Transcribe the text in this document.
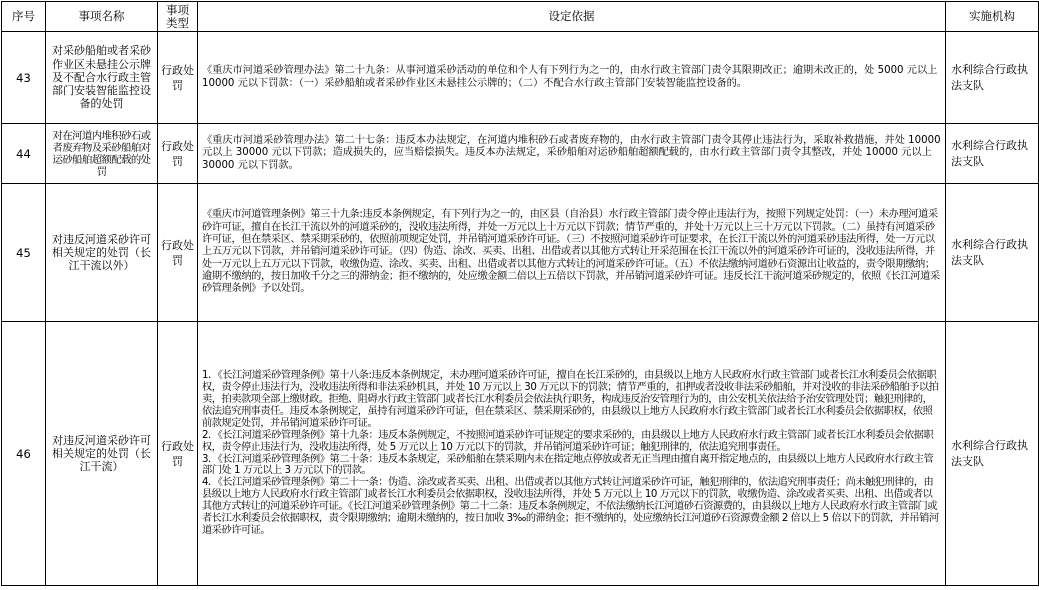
序号	事项名称	事项类型	设定依据	实施机构
43	对采砂船舶或者采砂作业区未悬挂公示牌及不配合水行政主管部门安装智能监控设备的处罚	行政处罚	《重庆市河道采砂管理办法》第二十九条：从事河道采砂活动的单位和个人有下列行为之一的，由水行政主管部门责令其限期改正；逾期未改正的，处 5000 元以上 10000 元以下罚款：（一）采砂船舶或者采砂作业区未悬挂公示牌的；（二）不配合水行政主管部门安装智能监控设备的。	水利综合行政执法支队
44	对在河道内堆积砂石或者废弃物及采砂船舶对运砂船舶超额配载的处罚	行政处罚	《重庆市河道采砂管理办法》第二十七条：违反本办法规定，在河道内堆积砂石或者废弃物的，由水行政主管部门责令其停止违法行为，采取补救措施，并处 10000 元以上 30000 元以下罚款；造成损失的，应当赔偿损失。违反本办法规定，采砂船舶对运砂船舶超额配载的，由水行政主管部门责令其整改，并处 10000 元以上 30000 元以下罚款。	水利综合行政执法支队
45	对违反河道采砂许可相关规定的处罚（长江干流以外）	行政处罚	《重庆市河道管理条例》第三十九条:违反本条例规定，有下列行为之一的，由区县（自治县）水行政主管部门责令停止违法行为，按照下列规定处罚：（一）未办理河道采砂许可证，擅自在长江干流以外的河道采砂的，没收违法所得，并处一万元以上十万元以下罚款；情节严重的，并处十万元以上三十万元以下罚款。（二）虽持有河道采砂许可证，但在禁采区、禁采期采砂的，依照前项规定处罚，并吊销河道采砂许可证。（三）不按照河道采砂许可证要求，在长江干流以外的河道采砂违法所得，处一万元以上五万元以下罚款，并吊销河道采砂许可证。（四）伪造、涂改、买卖、出租、出借或者以其他方式转让开采范围在长江干流以外的河道采砂许可证的，没收违法所得，并处一万元以上五万元以下罚款，收缴伪造、涂改、买卖、出租、出借或者以其他方式转让的河道采砂许可证。（五）不依法缴纳河道砂石资源出让收益的，责令限期缴纳；逾期不缴纳的，按日加收千分之三的滞纳金；拒不缴纳的，处应缴金额二倍以上五倍以下罚款，并吊销河道采砂许可证。违反长江干流河道采砂规定的，依照《长江河道采砂管理条例》予以处罚。	水利综合行政执法支队
46	对违反河道采砂许可相关规定的处罚（长江干流）	行政处罚	1．《长江河道采砂管理条例》第十八条:违反本条例规定，未办理河道采砂许可证，擅自在长江采砂的，由县级以上地方人民政府水行政主管部门或者长江水利委员会依据职权，责令停止违法行为，没收违法所得和非法采砂机具，并处 10 万元以上 30 万元以下的罚款；情节严重的，扣押或者没收非法采砂船舶，并对没收的非法采砂船舶予以拍卖，拍卖款项全部上缴财政。拒绝、阻碍水行政主管部门或者长江水利委员会依法执行职务，构成违反治安管理行为的，由公安机关依法给予治安管理处罚；触犯刑律的，依法追究刑事责任。违反本条例规定，虽持有河道采砂许可证，但在禁采区、禁采期采砂的，由县级以上地方人民政府水行政主管部门或者长江水利委员会依据职权，依照前款规定处罚，并吊销河道采砂许可证。
2．《长江河道采砂管理条例》第十九条：违反本条例规定，不按照河道采砂许可证规定的要求采砂的，由县级以上地方人民政府水行政主管部门或者长江水利委员会依据职权，责令停止违法行为，没收违法所得，处 5 万元以上 10 万元以下的罚款，并吊销河道采砂许可证；触犯刑律的，依法追究刑事责任。
3．《长江河道采砂管理条例》第二十条：违反本条规定，采砂船舶在禁采期内未在指定地点停放或者无正当理由擅自离开指定地点的，由县级以上地方人民政府水行政主管部门处 1 万元以上 3 万元以下的罚款。
4．《长江河道采砂管理条例》第二十一条：伪造、涂改或者买卖、出租、出借或者以其他方式转让河道采砂许可证，触犯刑律的，依法追究刑事责任；尚未触犯刑律的，由县级以上地方人民政府水行政主管部门或者长江水利委员会依据职权，没收违法所得，并处 5 万元以上 10 万元以下的罚款，收缴伪造、涂改或者买卖、出租、出借或者以其他方式转让的河道采砂许可证。《长江河道采砂管理条例》第二十二条：违反本条例规定，不依法缴纳长江河道砂石资源费的，由县级以上地方人民政府水行政主管部门或者长江水利委员会依据职权，责令限期缴纳；逾期未缴纳的，按日加收 3‰的滞纳金；拒不缴纳的，处应缴纳长江河道砂石资源费金额 2 倍以上 5 倍以下的罚款，并吊销河道采砂许可证。	水利综合行政执法支队
